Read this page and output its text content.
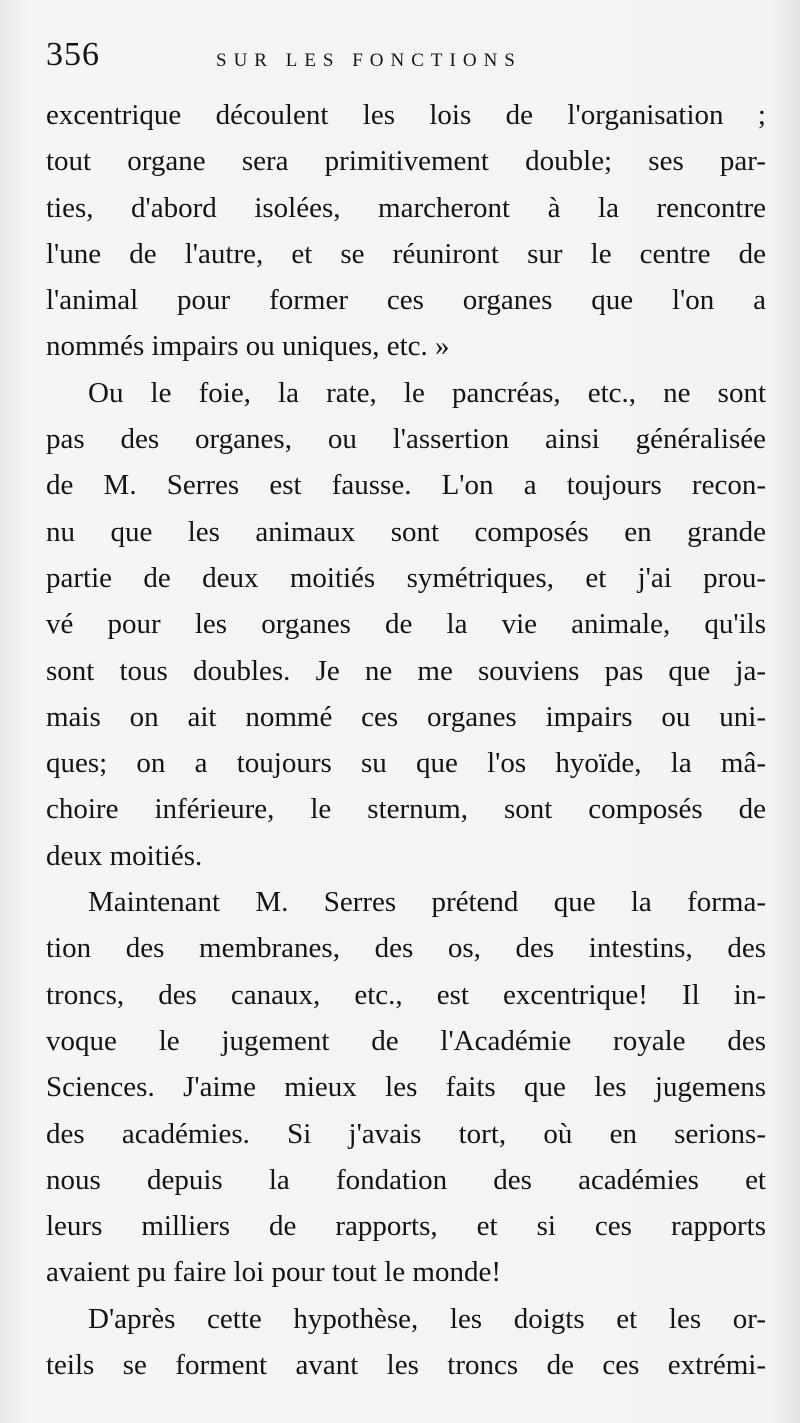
356	SUR LES FONCTIONS
excentrique découlent les lois de l'organisation ;
tout organe sera primitivement double; ses par-
ties, d'abord isolées, marcheront à la rencontre
l'une de l'autre, et se réuniront sur le centre de
l'animal pour former ces organes que l'on a
nommés impairs ou uniques, etc. »
Ou le foie, la rate, le pancréas, etc., ne sont
pas des organes, ou l'assertion ainsi généralisée
de M. Serres est fausse. L'on a toujours recon-
nu que les animaux sont composés en grande
partie de deux moitiés symétriques, et j'ai prou-
vé pour les organes de la vie animale, qu'ils
sont tous doubles. Je ne me souviens pas que ja-
mais on ait nommé ces organes impairs ou uni-
ques; on a toujours su que l'os hyoïde, la mâ-
choire inférieure, le sternum, sont composés de
deux moitiés.
Maintenant M. Serres prétend que la forma-
tion des membranes, des os, des intestins, des
troncs, des canaux, etc., est excentrique! Il in-
voque le jugement de l'Académie royale des
Sciences. J'aime mieux les faits que les jugemens
des académies. Si j'avais tort, où en serions-
nous depuis la fondation des académies et
leurs milliers de rapports, et si ces rapports
avaient pu faire loi pour tout le monde!
D'après cette hypothèse, les doigts et les or-
teils se forment avant les troncs de ces extrémi-
